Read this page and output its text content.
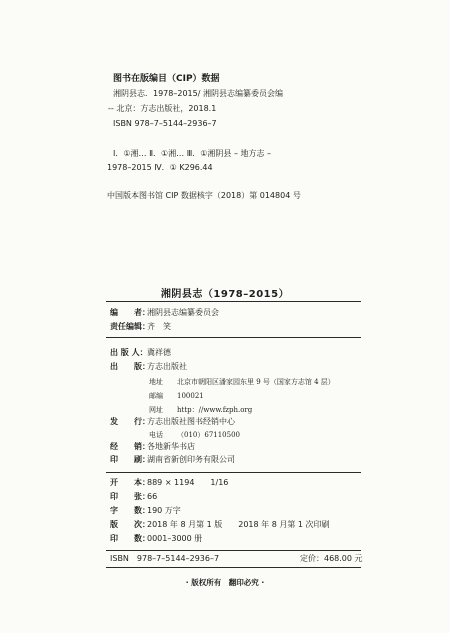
图书在版编目（CIP）数据
湘阴县志．1978–2015/ 湘阴县志编纂委员会编
-- 北京：方志出版社，2018.1
ISBN 978–7–5144–2936–7
Ⅰ．①湘… Ⅱ．①湘… Ⅲ．①湘阴县 – 地方志 –
1978–2015 Ⅳ．① K296.44
中国版本图书馆 CIP 数据核字（2018）第 014804 号
湘阴县志（1978–2015）
编　　者：
湘阴县志编纂委员会
责任编辑：
齐　笑
出 版 人： 冀祥德
出　　版：
方志出版社
地址 北京市朝阳区潘家园东里 9 号（国家方志馆 4 层）
邮编 100021
网址 http：//www.fzph.org
发　　行：
方志出版社图书经销中心
电话 （010）67110500
经　　销：
各地新华书店
印　　刷：
湖南省新创印务有限公司
开　　本：
889 × 1194　　1/16
印　　张：
66
字　　数：
190 万字
版　　次：
2018 年 8 月第 1 版　　2018 年 8 月第 1 次印刷
印　　数：
0001–3000 册
ISBN　978–7–5144–2936–7	定价：468.00 元
· 版权所有　翻印必究 ·
